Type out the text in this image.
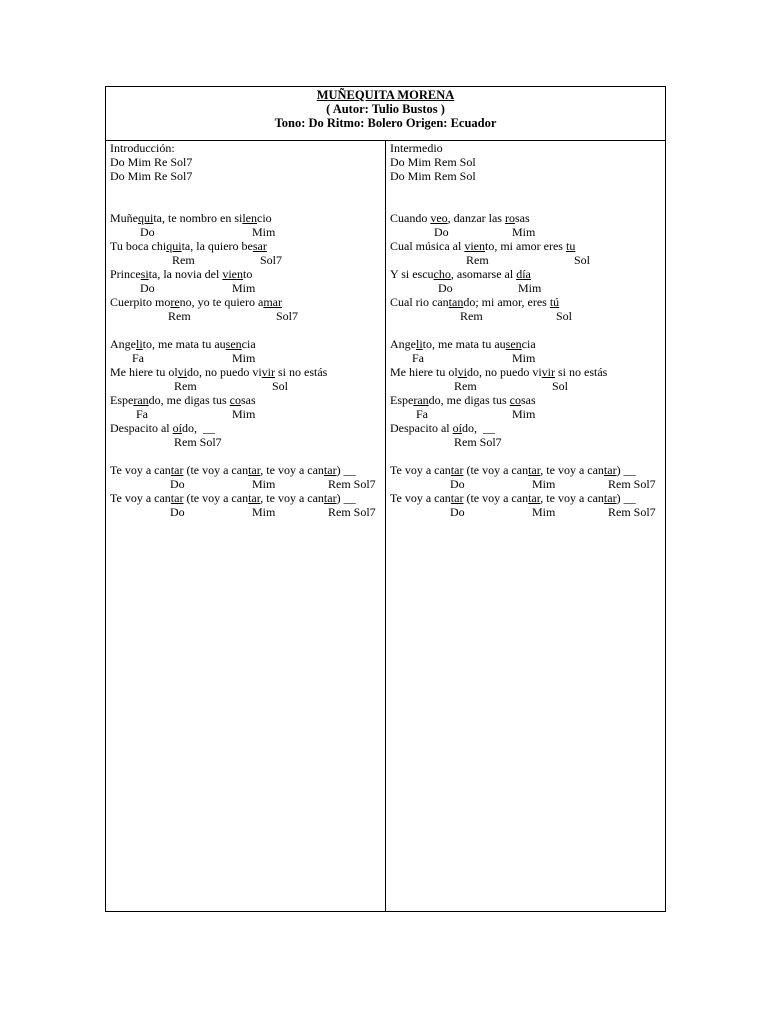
MUÑEQUITA MORENA
( Autor: Tulio Bustos )
Tono: Do Ritmo: Bolero Origen: Ecuador
Introducción:
Do Mim Re Sol7
Do Mim Re Sol7
Muñequita, te nombro en silencio
Do	Mim
Tu boca chiquita, la quiero besar
Rem	Sol7
Princesita, la novia del viento
Do	Mim
Cuerpito moreno, yo te quiero amar
Rem	Sol7
Angelito, me mata tu ausencia
Fa	Mim
Me hiere tu olvido, no puedo vivir si no estás
Rem	Sol
Esperando, me digas tus cosas
Fa	Mim
Despacito al oído,  __
Rem Sol7
Te voy a cantar (te voy a cantar, te voy a cantar) __
Do	Mim	Rem Sol7
Te voy a cantar (te voy a cantar, te voy a cantar) __
Do	Mim	Rem Sol7
Intermedio
Do Mim Rem Sol
Do Mim Rem Sol
Cuando veo, danzar las rosas
Do	Mim
Cual música al viento, mi amor eres tu
Rem	Sol
Y si escucho, asomarse al día
Do	Mim
Cual rio cantando; mi amor, eres tú
Rem	Sol
Angelito, me mata tu ausencia
Fa	Mim
Me hiere tu olvido, no puedo vivir si no estás
Rem	Sol
Esperando, me digas tus cosas
Fa	Mim
Despacito al oído,  __
Rem Sol7
Te voy a cantar (te voy a cantar, te voy a cantar) __
Do	Mim	Rem Sol7
Te voy a cantar (te voy a cantar, te voy a cantar) __
Do	Mim	Rem Sol7
